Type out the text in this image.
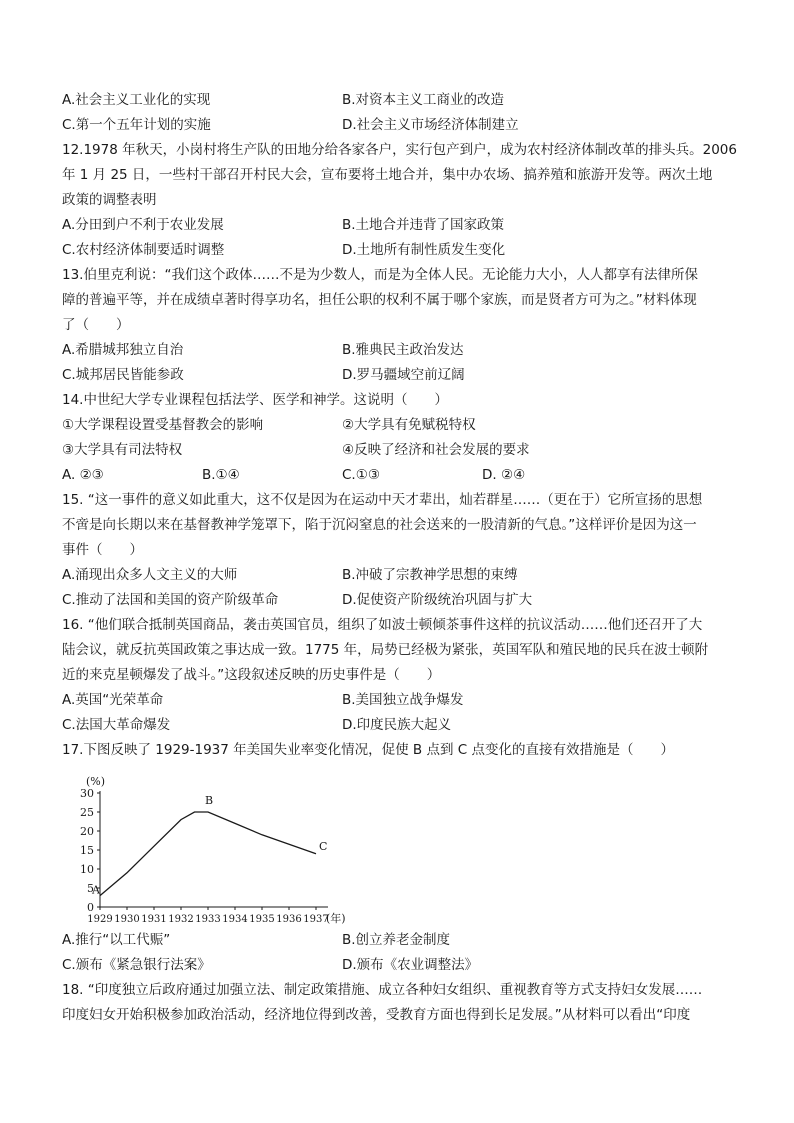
A.社会主义工业化的实现	B.对资本主义工商业的改造
C.第一个五年计划的实施	D.社会主义市场经济体制建立
12.1978 年秋天，小岗村将生产队的田地分给各家各户，实行包产到户，成为农村经济体制改革的排头兵。2006
年 1 月 25 日，一些村干部召开村民大会，宣布要将土地合并，集中办农场、搞养殖和旅游开发等。两次土地
政策的调整表明
A.分田到户不利于农业发展	B.土地合并违背了国家政策
C.农村经济体制要适时调整	D.土地所有制性质发生变化
13.伯里克利说：“我们这个政体……不是为少数人，而是为全体人民。无论能力大小，人人都享有法律所保
障的普遍平等，并在成绩卓著时得享功名，担任公职的权利不属于哪个家族，而是贤者方可为之。”材料体现
了（　　）
A.希腊城邦独立自治	B.雅典民主政治发达
C.城邦居民皆能参政	D.罗马疆域空前辽阔
14.中世纪大学专业课程包括法学、医学和神学。这说明（　　）
①大学课程设置受基督教会的影响	②大学具有免赋税特权
③大学具有司法特权	④反映了经济和社会发展的要求
A. ②③	B.①④	C.①③	D. ②④
15. “这一事件的意义如此重大，这不仅是因为在运动中天才辈出，灿若群星……（更在于）它所宣扬的思想
不啻是向长期以来在基督教神学笼罩下，陷于沉闷窒息的社会送来的一股清新的气息。”这样评价是因为这一
事件（　　）
A.涌现出众多人文主义的大师	B.冲破了宗教神学思想的束缚
C.推动了法国和美国的资产阶级革命	D.促使资产阶级统治巩固与扩大
16. “他们联合抵制英国商品，袭击英国官员，组织了如波士顿倾茶事件这样的抗议活动……他们还召开了大
陆会议，就反抗英国政策之事达成一致。1775 年，局势已经极为紧张，英国军队和殖民地的民兵在波士顿附
近的来克星顿爆发了战斗。”这段叙述反映的历史事件是（　　）
A.英国“光荣革命	B.美国独立战争爆发
C.法国大革命爆发	D.印度民族大起义
17.下图反映了 1929-1937 年美国失业率变化情况，促使 B 点到 C 点变化的直接有效措施是（　　）
0
5
10
15
20
25
30
1929 1930 1931 1932 1933 1934 1935 1936 1937
(%)
(年)
A
B
C
A.推行“以工代赈”	B.创立养老金制度
C.颁布《紧急银行法案》	D.颁布《农业调整法》
18. “印度独立后政府通过加强立法、制定政策措施、成立各种妇女组织、重视教育等方式支持妇女发展……
印度妇女开始积极参加政治活动，经济地位得到改善，受教育方面也得到长足发展。”从材料可以看出“印度
